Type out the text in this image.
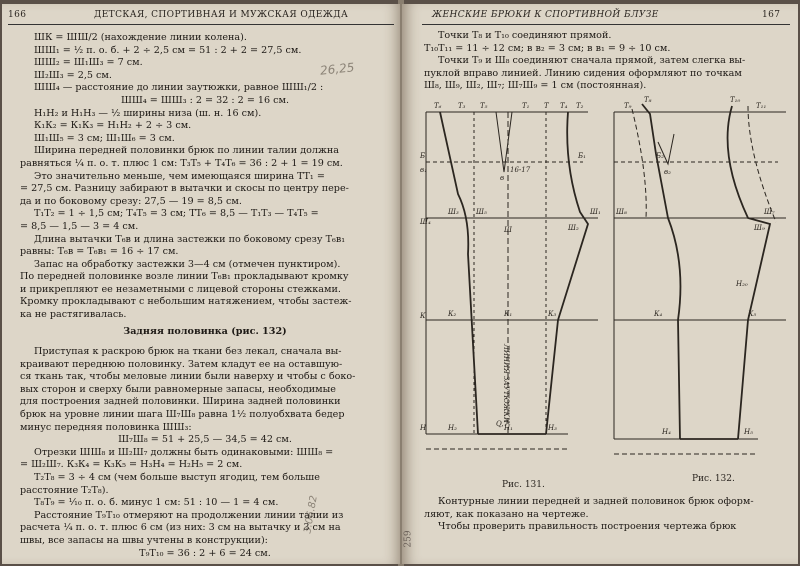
166	ДЕТСКАЯ, СПОРТИВНАЯ И МУЖСКАЯ ОДЕЖДА
26,25
3.06.82

ШК = ШШ/2 (нахождение линии колена).

ШШ₁ = ½ п. о. б. + 2 ÷ 2,5 см = 51 : 2 + 2 = 27,5 см.

ШШ₂ = Ш₁Ш₃ = 7 см.

Ш₂Ш₃ = 2,5 см.

ШШ₄ — расстояние до линии заутюжки, равное ШШ₁/2 :

ШШ₄ = ШШ₃ : 2 = 32 : 2 = 16 см.

Н₁Н₂ и Н₁Н₃ — ½ ширины низа (ш. н. 16 см).

К₁К₂ = К₁К₃ = Н₁Н₂ + 2 ÷ 3 см.

Ш₁Ш₅ = 3 см; Ш₁Ш₆ = 3 см.

Ширина передней половинки брюк по линии талии должна

равняться ¼ п. о. т. плюс 1 см: Т₃Т₅ + Т₄Т₆ = 36 : 2 + 1 = 19 см.

Это значительно меньше, чем имеющаяся ширина ТТ₁ =

= 27,5 см. Разницу забирают в вытачки и скосы по центру пере-

да и по боковому срезу: 27,5 — 19 = 8,5 см.

Т₁Т₂ = 1 ÷ 1,5 см; Т₄Т₅ = 3 см; ТТ₆ = 8,5 — Т₁Т₃ — Т₄Т₅ =

= 8,5 — 1,5 — 3 = 4 см.

Длина вытачки Т₆в и длина застежки по боковому срезу Т₆в₁

равны: Т₆в = Т₆в₁ = 16 ÷ 17 см.

Запас на обработку застежки 3—4 см (отмечен пунктиром).

По передней половинке возле линии Т₆в₁ прокладывают кромку

и прикрепляют ее незаметными с лицевой стороны стежками.

Кромку прокладывают с небольшим натяжением, чтобы застеж-

ка не растягивалась.

Задняя половинка (рис. 132)

Приступая к раскрою брюк на ткани без лекал, сначала вы-

краивают переднюю половинку. Затем кладут ее на оставшую-

ся ткань так, чтобы меловые линии были наверху и чтобы с боко-

вых сторон и сверху были равномерные запасы, необходимые

для построения задней половинки. Ширина задней половинки

брюк на уровне линии шага Ш₇Ш₈ равна 1½ полуобхвата бедер

минус передняя половинка ШШ₃:

Ш₇Ш₈ = 51 + 25,5 — 34,5 = 42 см.

Отрезки ШШ₈ и Ш₂Ш₇ должны быть одинаковыми: ШШ₈ =

= Ш₂Ш₇. К₃К₄ = К₃К₅ = Н₃Н₄ = Н₂Н₅ = 2 см.

Т₂Т₈ = 3 ÷ 4 см (чем больше выступ ягодиц, тем больше

расстояние Т₂Т₈).

Т₈Т₉ = ⅒ п. о. б. минус 1 см: 51 : 10 — 1 = 4 см.

Расстояние Т₉Т₁₀ отмеряют на продолжении линии талии из

расчета ¼ п. о. т. плюс 6 см (из них: 3 см на вытачку и 3 см на

швы, все запасы на швы учтены в конструкции):

Т₉Т₁₀ = 36 : 2 + 6 = 24 см.

ЖЕНСКИЕ БРЮКИ К СПОРТИВНОЙ БЛУЗЕ	167

Точки Т₈ и Т₁₀ соединяют прямой.

Т₁₀Т₁₁ = 11 ÷ 12 см; в в₂ = 3 см; в в₁ = 9 ÷ 10 см.

Точки Т₉ и Ш₈ соединяют сначала прямой, затем слегка вы-

пуклой вправо линией. Линию сидения оформляют по точкам

Ш₈, Ш₉, Ш₂, Ш₇; Ш₇Ш₉ = 1 см (постоянная).

Т₆ Т₃ Т₅	Т₁ Т Т₄ Т₂
в₁
в
16-17
Б	Б₁
Ш₄
Ш₃ Ш₅
Ш
Ш₁
Ш₂
К	К₂	К₁	К₃
Н₂
Н	Н₁	Н₃
Q,7
ЛИНИЯ ЗАУТЮЖКИ
Т₈
Т₉
Т₁₀
Т₁₁
Б₂
в₂
Ш₈
Ш₉
Ш₇
Н₂₀
К₄	К₅
Н₄	Н₅
Рис. 131.
Рис. 132.

Контурные линии передней и задней половинок брюк оформ-

ляют, как показано на чертеже.

Чтобы проверить правильность построения чертежа брюк

259
